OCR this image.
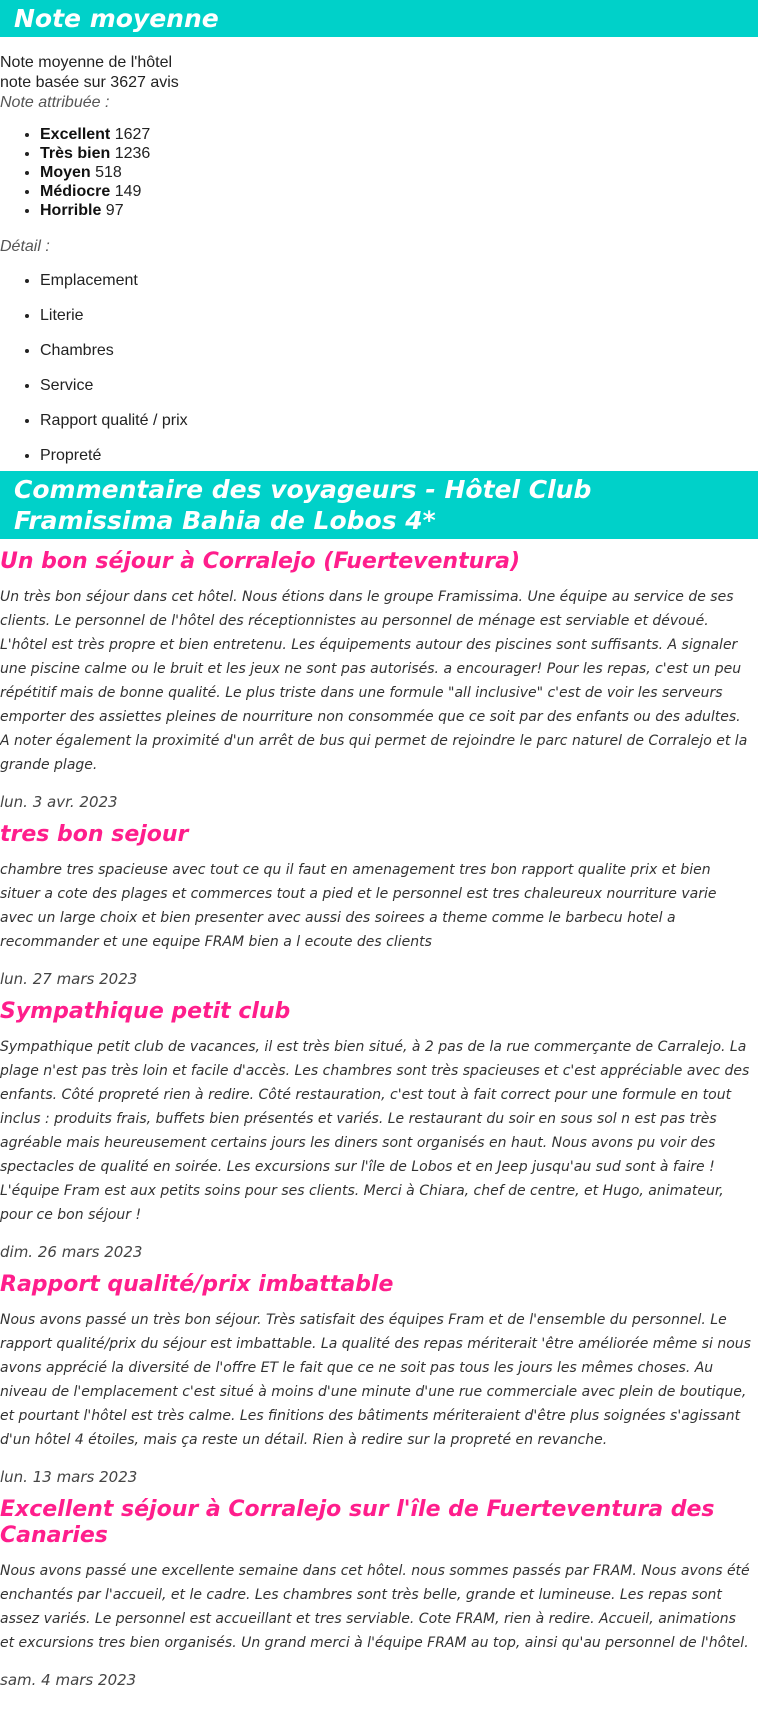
Note moyenne

Note moyenne de l'hôtel

note basée sur 3627 avis

Note attribuée :

• Excellent 1627
• Très bien 1236
• Moyen 518
• Médiocre 149
• Horrible 97

Détail :

• Emplacement
• Literie
• Chambres
• Service
• Rapport qualité / prix
• Propreté
Commentaire des voyageurs - Hôtel Club Framissima Bahia de Lobos 4*
Un bon séjour à Corralejo (Fuerteventura)

Un très bon séjour dans cet hôtel. Nous étions dans le groupe Framissima. Une équipe au service de ses clients. Le personnel de l'hôtel des réceptionnistes au personnel de ménage est serviable et dévoué. L'hôtel est très propre et bien entretenu. Les équipements autour des piscines sont suffisants. A signaler une piscine calme ou le bruit et les jeux ne sont pas autorisés. a encourager! Pour les repas, c'est un peu répétitif mais de bonne qualité. Le plus triste dans une formule "all inclusive" c'est de voir les serveurs emporter des assiettes pleines de nourriture non consommée que ce soit par des enfants ou des adultes. A noter également la proximité d'un arrêt de bus qui permet de rejoindre le parc naturel de Corralejo et la grande plage.

lun. 3 avr. 2023

tres bon sejour

chambre tres spacieuse avec tout ce qu il faut en amenagement tres bon rapport qualite prix et bien situer a cote des plages et commerces tout a pied et le personnel est tres chaleureux nourriture varie avec un large choix et bien presenter avec aussi des soirees a theme comme le barbecu hotel a recommander et une equipe FRAM bien a l ecoute des clients

lun. 27 mars 2023

Sympathique petit club

Sympathique petit club de vacances, il est très bien situé, à 2 pas de la rue commerçante de Carralejo. La plage n'est pas très loin et facile d'accès. Les chambres sont très spacieuses et c'est appréciable avec des enfants. Côté propreté rien à redire. Côté restauration, c'est tout à fait correct pour une formule en tout inclus : produits frais, buffets bien présentés et variés. Le restaurant du soir en sous sol n est pas très agréable mais heureusement certains jours les diners sont organisés en haut. Nous avons pu voir des spectacles de qualité en soirée. Les excursions sur l'île de Lobos et en Jeep jusqu'au sud sont à faire ! L'équipe Fram est aux petits soins pour ses clients. Merci à Chiara, chef de centre, et Hugo, animateur, pour ce bon séjour !

dim. 26 mars 2023

Rapport qualité/prix imbattable

Nous avons passé un très bon séjour. Très satisfait des équipes Fram et de l'ensemble du personnel. Le rapport qualité/prix du séjour est imbattable. La qualité des repas mériterait 'être améliorée même si nous avons apprécié la diversité de l'offre ET le fait que ce ne soit pas tous les jours les mêmes choses. Au niveau de l'emplacement c'est situé à moins d'une minute d'une rue commerciale avec plein de boutique, et pourtant l'hôtel est très calme. Les finitions des bâtiments mériteraient d'être plus soignées s'agissant d'un hôtel 4 étoiles, mais ça reste un détail. Rien à redire sur la propreté en revanche.

lun. 13 mars 2023

Excellent séjour à Corralejo sur l'île de Fuerteventura des Canaries

Nous avons passé une excellente semaine dans cet hôtel. nous sommes passés par FRAM. Nous avons été enchantés par l'accueil, et le cadre. Les chambres sont très belle, grande et lumineuse. Les repas sont assez variés. Le personnel est accueillant et tres serviable. Cote FRAM, rien à redire. Accueil, animations et excursions tres bien organisés. Un grand merci à l'équipe FRAM au top, ainsi qu'au personnel de l'hôtel.

sam. 4 mars 2023
